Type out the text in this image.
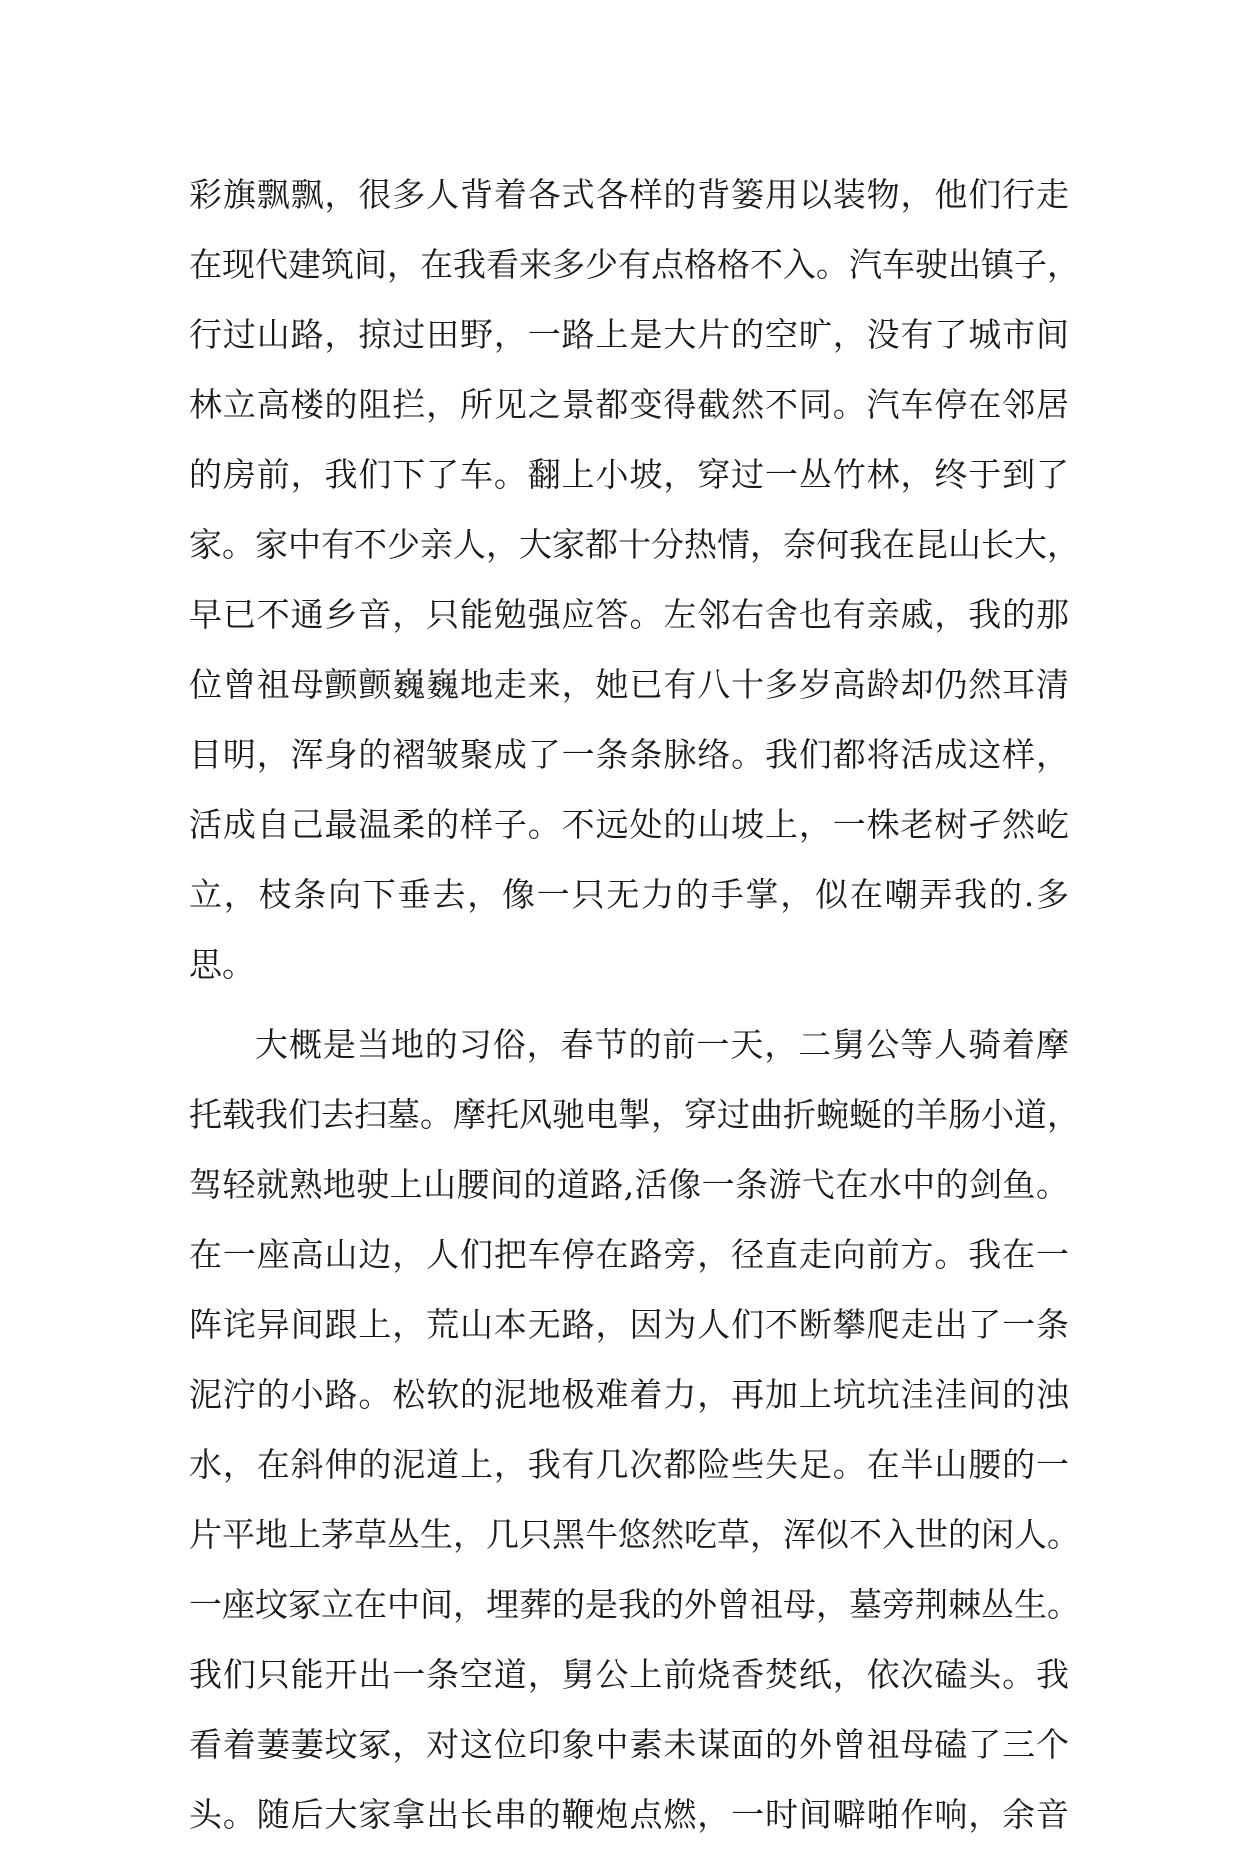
彩旗飘飘，很多人背着各式各样的背篓用以装物，他们行走
在现代建筑间，在我看来多少有点格格不入。汽车驶出镇子，
行过山路，掠过田野，一路上是大片的空旷，没有了城市间
林立高楼的阻拦，所见之景都变得截然不同。汽车停在邻居
的房前，我们下了车。翻上小坡，穿过一丛竹林，终于到了
家。家中有不少亲人，大家都十分热情，奈何我在昆山长大，
早已不通乡音，只能勉强应答。左邻右舍也有亲戚，我的那
位曾祖母颤颤巍巍地走来，她已有八十多岁高龄却仍然耳清
目明，浑身的褶皱聚成了一条条脉络。我们都将活成这样，
活成自己最温柔的样子。不远处的山坡上，一株老树孑然屹
立，枝条向下垂去，像一只无力的手掌，似在嘲弄我的.多
思。
大概是当地的习俗，春节的前一天，二舅公等人骑着摩
托载我们去扫墓。摩托风驰电掣，穿过曲折蜿蜒的羊肠小道，
驾轻就熟地驶上山腰间的道路,活像一条游弋在水中的剑鱼。
在一座高山边，人们把车停在路旁，径直走向前方。我在一
阵诧异间跟上，荒山本无路，因为人们不断攀爬走出了一条
泥泞的小路。松软的泥地极难着力，再加上坑坑洼洼间的浊
水，在斜伸的泥道上，我有几次都险些失足。在半山腰的一
片平地上茅草丛生，几只黑牛悠然吃草，浑似不入世的闲人。
一座坟冢立在中间，埋葬的是我的外曾祖母，墓旁荆棘丛生。
我们只能开出一条空道，舅公上前烧香焚纸，依次磕头。我
看着萋萋坟冢，对这位印象中素未谋面的外曾祖母磕了三个
头。随后大家拿出长串的鞭炮点燃，一时间噼啪作响，余音
